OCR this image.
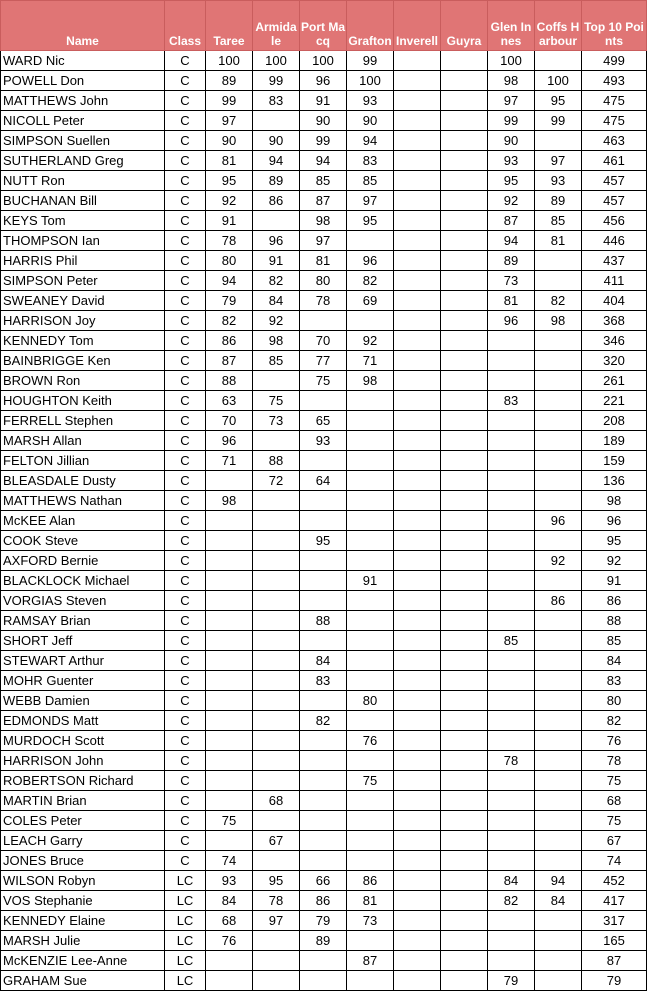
Name	Class	Taree	Armidale	Port Macq	Grafton	Inverell	Guyra	Glen Innes	Coffs Harbour	Top 10 Points
WARD Nic	C	100	100	100	99			100		499
POWELL Don	C	89	99	96	100			98	100	493
MATTHEWS John	C	99	83	91	93			97	95	475
NICOLL Peter	C	97		90	90			99	99	475
SIMPSON Suellen	C	90	90	99	94			90		463
SUTHERLAND Greg	C	81	94	94	83			93	97	461
NUTT Ron	C	95	89	85	85			95	93	457
BUCHANAN Bill	C	92	86	87	97			92	89	457
KEYS Tom	C	91		98	95			87	85	456
THOMPSON Ian	C	78	96	97				94	81	446
HARRIS Phil	C	80	91	81	96			89		437
SIMPSON Peter	C	94	82	80	82			73		411
SWEANEY David	C	79	84	78	69			81	82	404
HARRISON Joy	C	82	92					96	98	368
KENNEDY Tom	C	86	98	70	92					346
BAINBRIGGE Ken	C	87	85	77	71					320
BROWN Ron	C	88		75	98					261
HOUGHTON Keith	C	63	75					83		221
FERRELL Stephen	C	70	73	65						208
MARSH Allan	C	96		93						189
FELTON Jillian	C	71	88							159
BLEASDALE Dusty	C		72	64						136
MATTHEWS Nathan	C	98								98
McKEE Alan	C								96	96
COOK Steve	C			95						95
AXFORD Bernie	C								92	92
BLACKLOCK Michael	C				91					91
VORGIAS Steven	C								86	86
RAMSAY Brian	C			88						88
SHORT Jeff	C							85		85
STEWART Arthur	C			84						84
MOHR Guenter	C			83						83
WEBB Damien	C				80					80
EDMONDS Matt	C			82						82
MURDOCH Scott	C				76					76
HARRISON John	C							78		78
ROBERTSON Richard	C				75					75
MARTIN Brian	C		68							68
COLES Peter	C	75								75
LEACH Garry	C		67							67
JONES Bruce	C	74								74
WILSON Robyn	LC	93	95	66	86			84	94	452
VOS Stephanie	LC	84	78	86	81			82	84	417
KENNEDY Elaine	LC	68	97	79	73					317
MARSH Julie	LC	76		89						165
McKENZIE Lee-Anne	LC				87					87
GRAHAM Sue	LC							79		79
